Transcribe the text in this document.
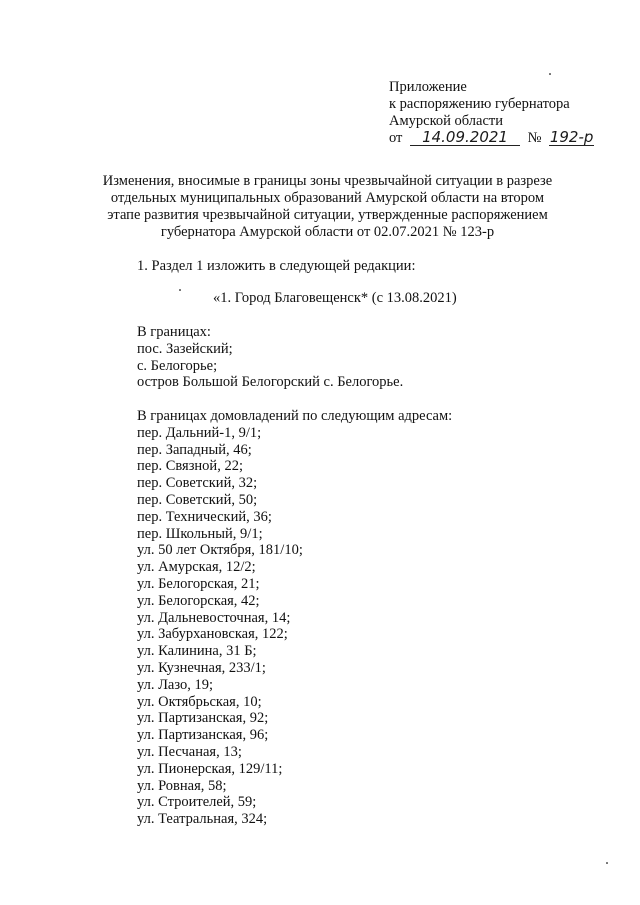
Приложение
к распоряжению губернатора
Амурской области
от 14.09.2021 № 192-р
Изменения, вносимые в границы зоны чрезвычайной ситуации в разрезе отдельных муниципальных образований Амурской области на втором этапе развития чрезвычайной ситуации, утвержденные распоряжением губернатора Амурской области от 02.07.2021 № 123-р
1. Раздел 1 изложить в следующей редакции:
«1. Город Благовещенск* (с 13.08.2021)
В границах:
пос. Зазейский;
с. Белогорье;
остров Большой Белогорский с. Белогорье.
В границах домовладений по следующим адресам:
пер. Дальний-1, 9/1;
пер. Западный, 46;
пер. Связной, 22;
пер. Советский, 32;
пер. Советский, 50;
пер. Технический, 36;
пер. Школьный, 9/1;
ул. 50 лет Октября, 181/10;
ул. Амурская, 12/2;
ул. Белогорская, 21;
ул. Белогорская, 42;
ул. Дальневосточная, 14;
ул. Забурхановская, 122;
ул. Калинина, 31 Б;
ул. Кузнечная, 233/1;
ул. Лазо, 19;
ул. Октябрьская, 10;
ул. Партизанская, 92;
ул. Партизанская, 96;
ул. Песчаная, 13;
ул. Пионерская, 129/11;
ул. Ровная, 58;
ул. Строителей, 59;
ул. Театральная, 324;
